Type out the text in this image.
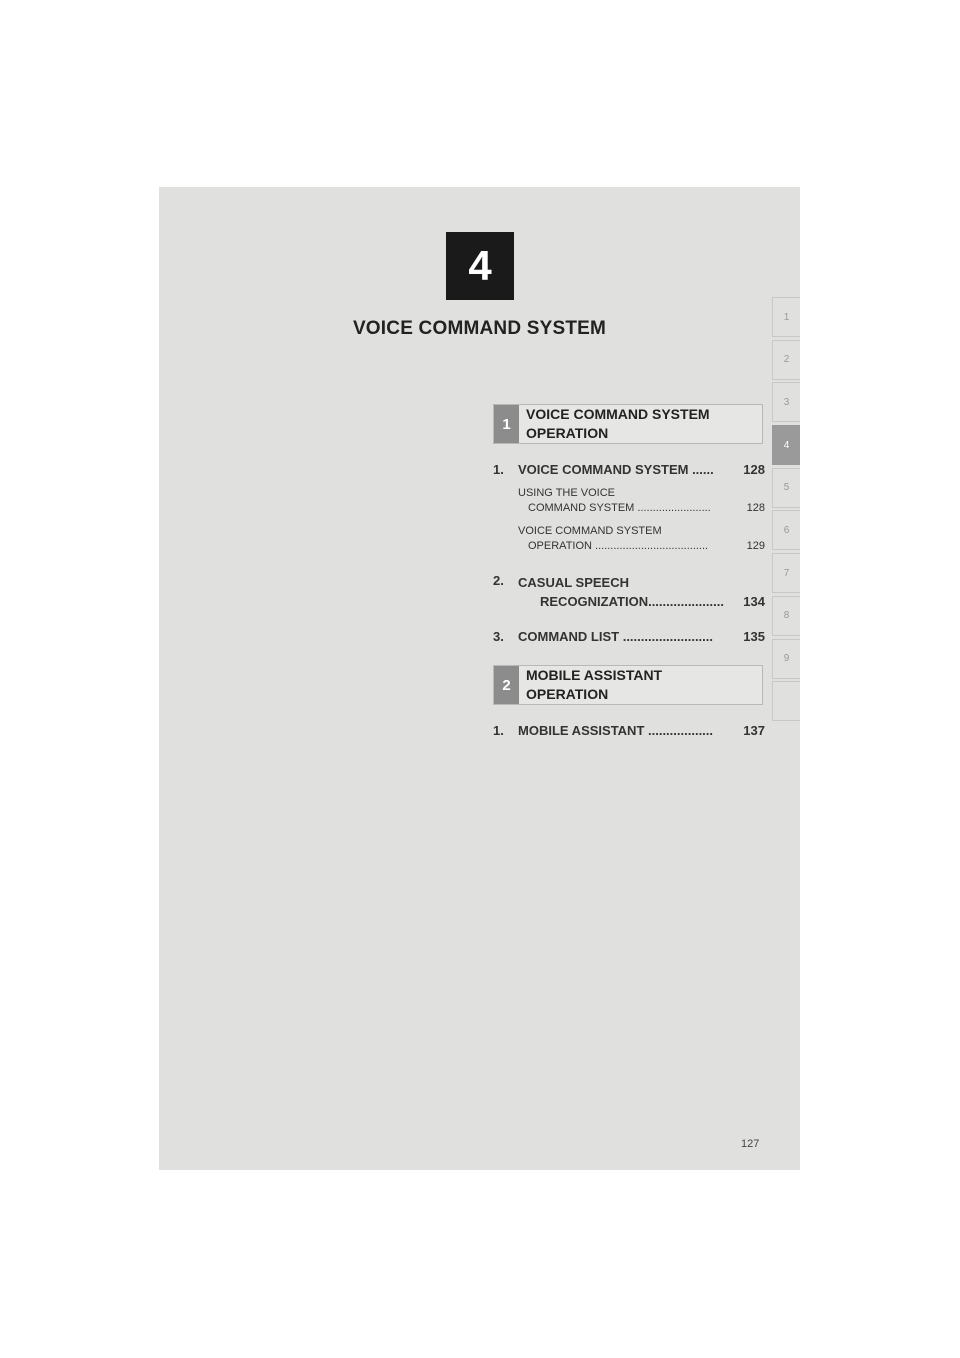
4
VOICE COMMAND SYSTEM
1
2
3
4
5
6
7
8
9
1
VOICE COMMAND SYSTEM
OPERATION
1.	VOICE COMMAND SYSTEM ...... 128
USING THE VOICE
COMMAND SYSTEM ........................	128
VOICE COMMAND SYSTEM
OPERATION .....................................	129
2.	CASUAL SPEECH
RECOGNIZATION..................... 134
3.	COMMAND LIST ......................... 135
2
MOBILE ASSISTANT
OPERATION
1.	MOBILE ASSISTANT .................. 137
127
